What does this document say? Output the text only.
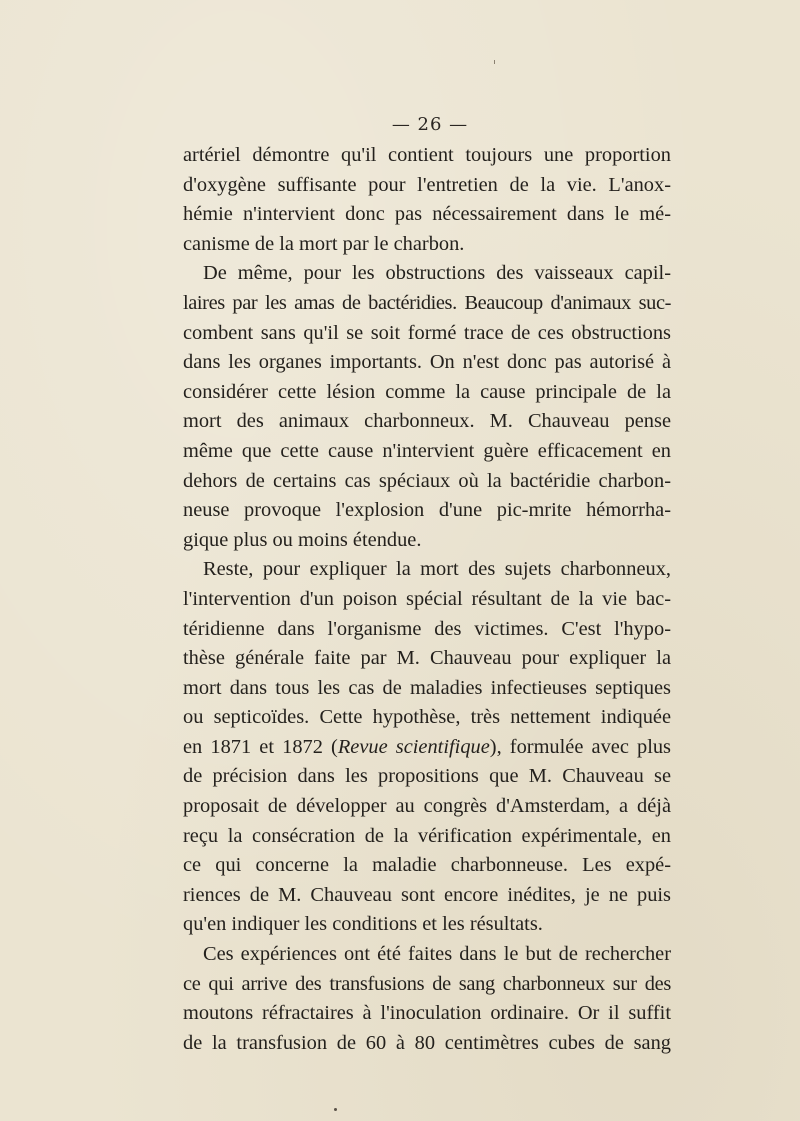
— 26 —
artériel démontre qu'il contient toujours une proportion
d'oxygène suffisante pour l'entretien de la vie. L'anox-
hémie n'intervient donc pas nécessairement dans le mé-
canisme de la mort par le charbon.
De même, pour les obstructions des vaisseaux capil-
laires par les amas de bactéridies. Beaucoup d'animaux suc-
combent sans qu'il se soit formé trace de ces obstructions
dans les organes importants. On n'est donc pas autorisé à
considérer cette lésion comme la cause principale de la
mort des animaux charbonneux. M. Chauveau pense
même que cette cause n'intervient guère efficacement en
dehors de certains cas spéciaux où la bactéridie charbon-
neuse provoque l'explosion d'une pic-mrite hémorrha-
gique plus ou moins étendue.
Reste, pour expliquer la mort des sujets charbonneux,
l'intervention d'un poison spécial résultant de la vie bac-
téridienne dans l'organisme des victimes. C'est l'hypo-
thèse générale faite par M. Chauveau pour expliquer la
mort dans tous les cas de maladies infectieuses septiques
ou septicoïdes. Cette hypothèse, très nettement indiquée
en 1871 et 1872 (Revue scientifique), formulée avec plus
de précision dans les propositions que M. Chauveau se
proposait de développer au congrès d'Amsterdam, a déjà
reçu la consécration de la vérification expérimentale, en
ce qui concerne la maladie charbonneuse. Les expé-
riences de M. Chauveau sont encore inédites, je ne puis
qu'en indiquer les conditions et les résultats.
Ces expériences ont été faites dans le but de rechercher
ce qui arrive des transfusions de sang charbonneux sur des
moutons réfractaires à l'inoculation ordinaire. Or il suffit
de la transfusion de 60 à 80 centimètres cubes de sang
